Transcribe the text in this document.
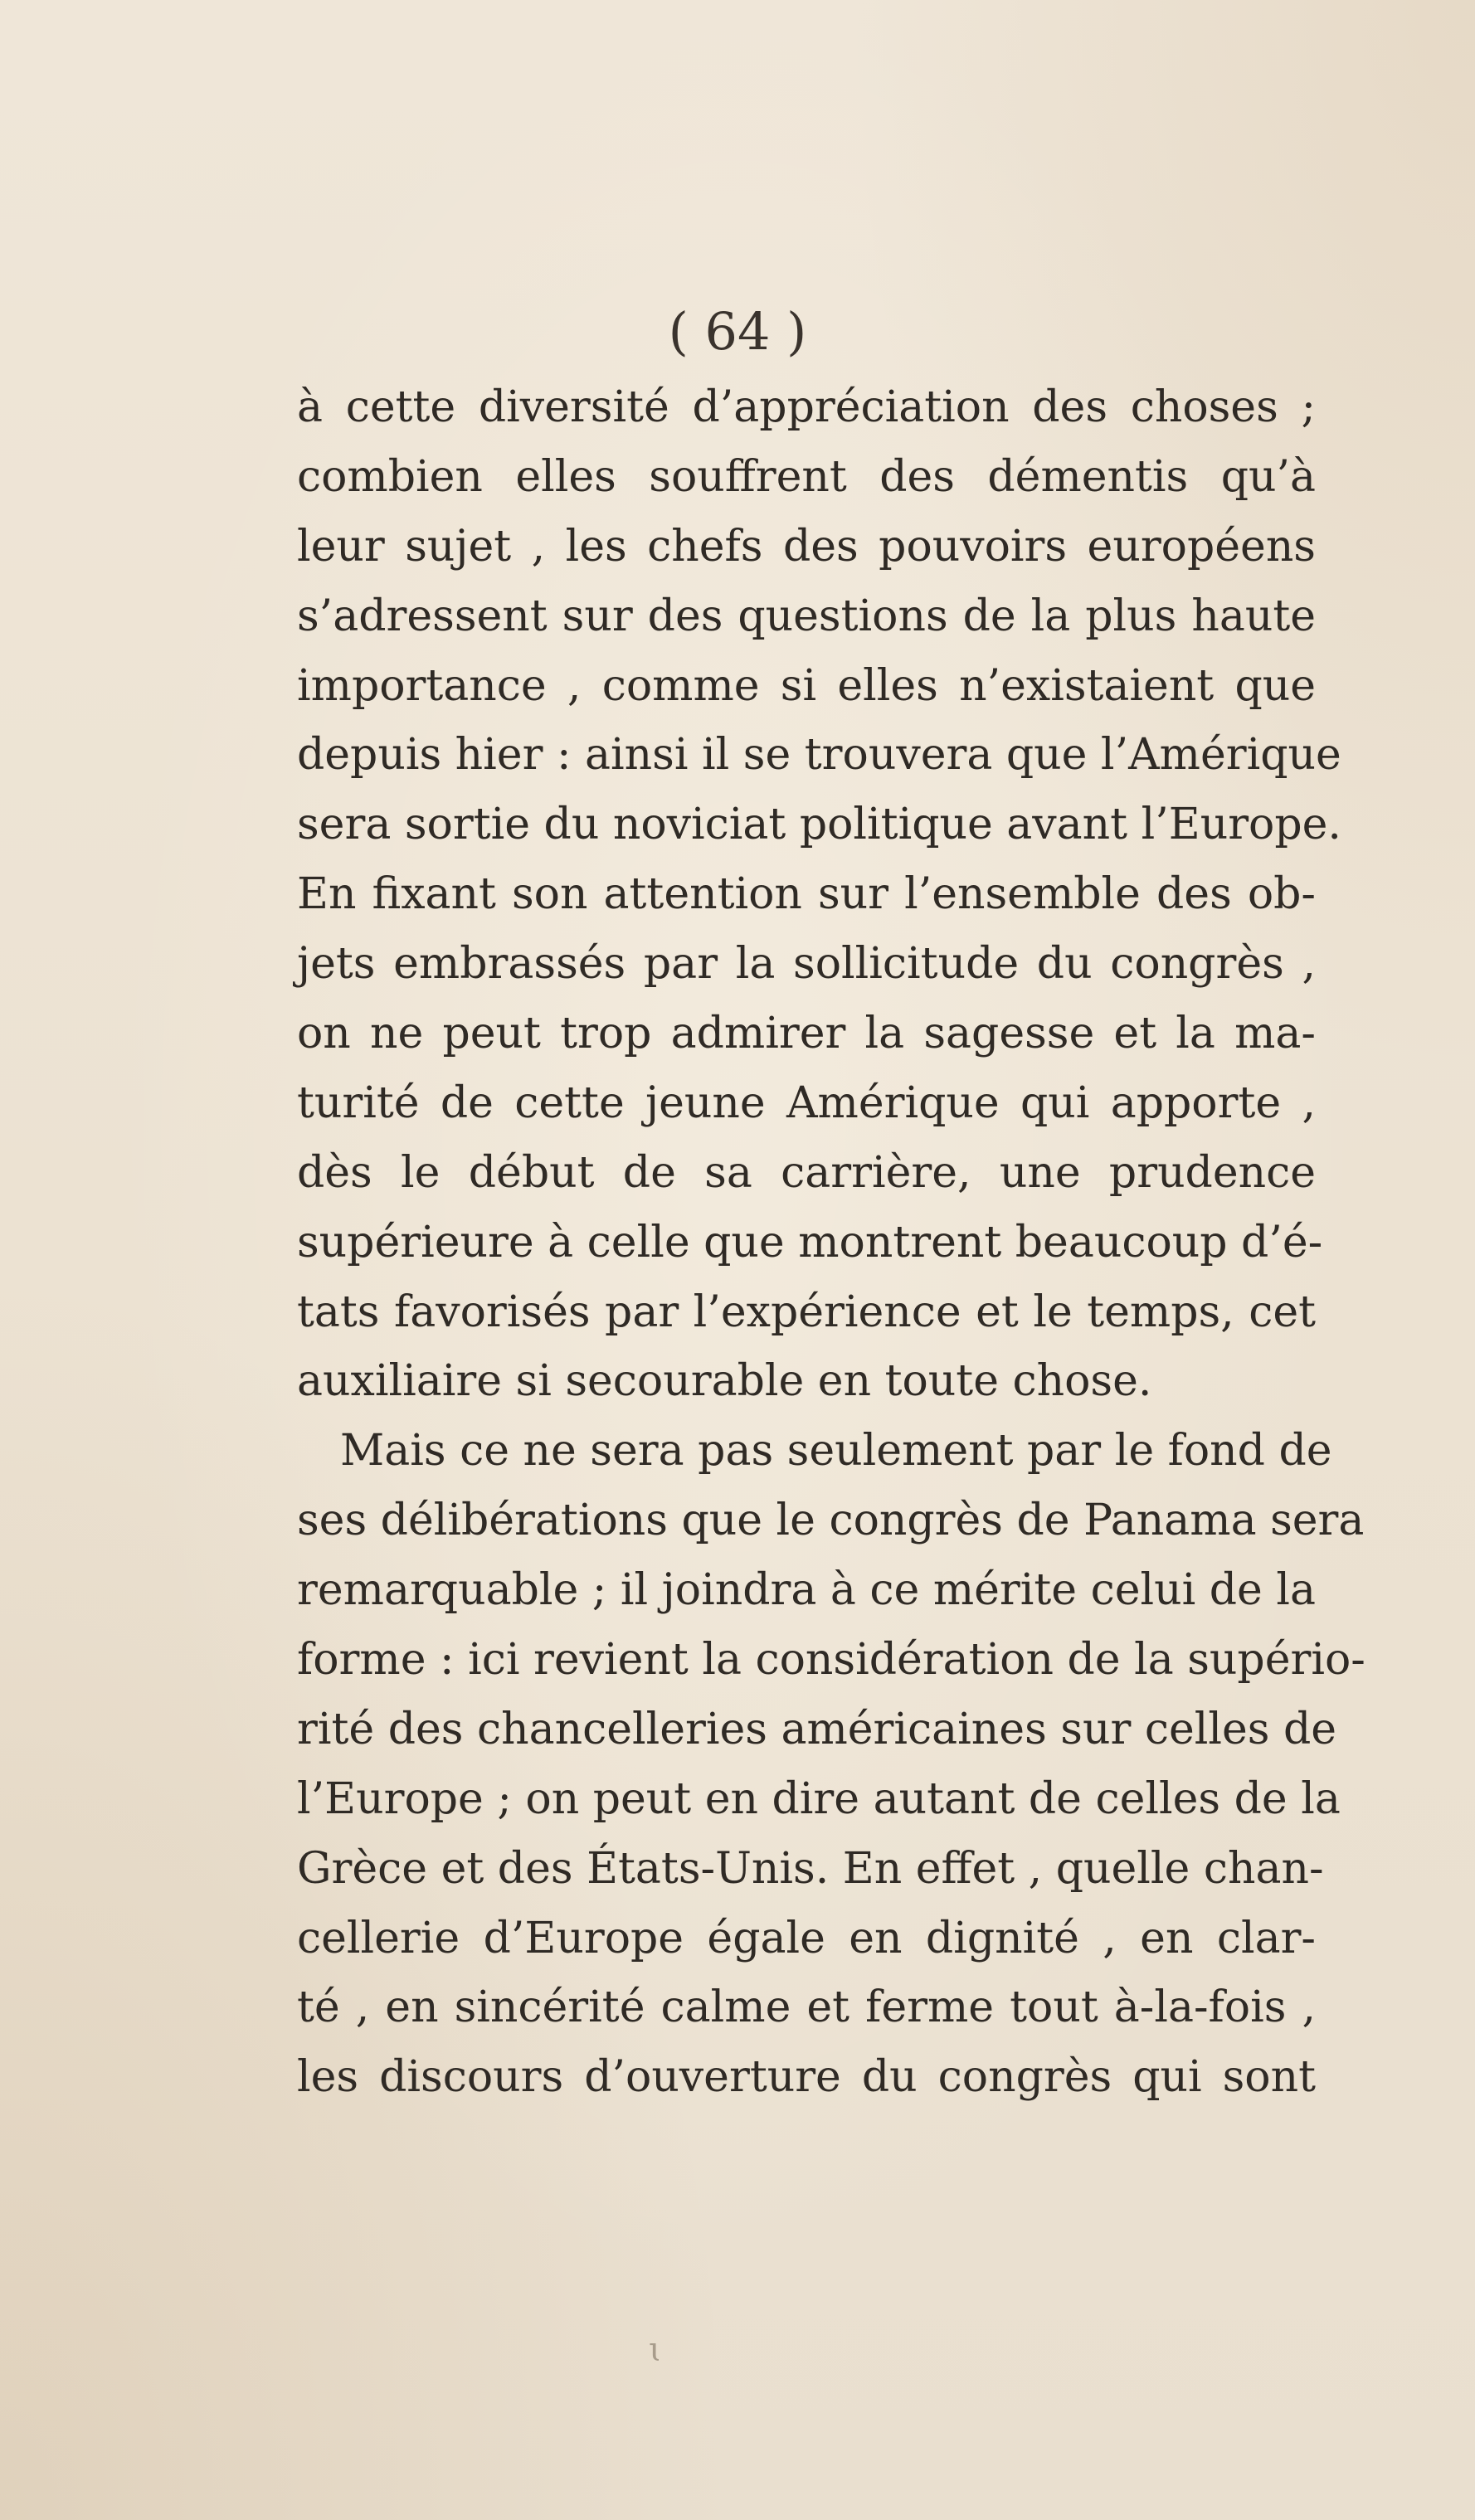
( 64 )
à cette diversité d’appréciation des choses ;
combien elles souffrent des démentis qu’à
leur sujet , les chefs des pouvoirs européens
s’adressent sur des questions de la plus haute
importance , comme si elles n’existaient que
depuis hier : ainsi il se trouvera que l’Amérique
sera sortie du noviciat politique avant l’Europe.
En fixant son attention sur l’ensemble des ob-
jets embrassés par la sollicitude du congrès ,
on ne peut trop admirer la sagesse et la ma-
turité de cette jeune Amérique qui apporte ,
dès le début de sa carrière, une prudence
supérieure à celle que montrent beaucoup d’é-
tats favorisés par l’expérience et le temps, cet
auxiliaire si secourable en toute chose.
Mais ce ne sera pas seulement par le fond de
ses délibérations que le congrès de Panama sera
remarquable ; il joindra à ce mérite celui de la
forme : ici revient la considération de la supério-
rité des chancelleries américaines sur celles de
l’Europe ; on peut en dire autant de celles de la
Grèce et des États-Unis. En effet , quelle chan-
cellerie d’Europe égale en dignité , en clar-
té , en sincérité calme et ferme tout à-la-fois ,
les discours d’ouverture du congrès qui sont
ɩ
